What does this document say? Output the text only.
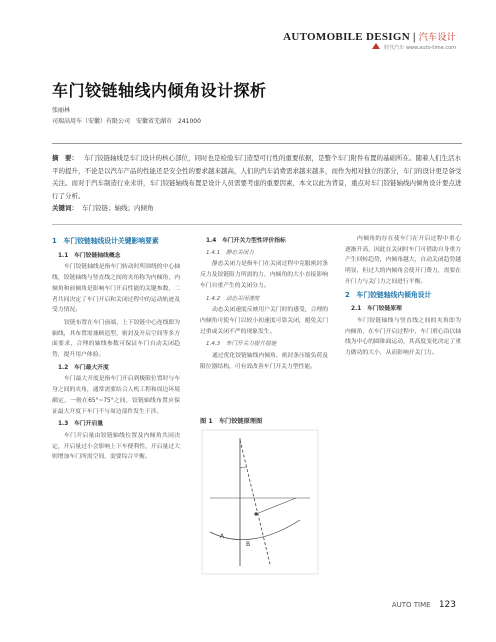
AUTOMOBILE DESIGN | 汽车设计
时代汽车 www.auto-time.com
车门铰链轴线内倾角设计探析
张丽林
司瑞高用车（安徽）有限公司　安徽省芜湖市　241000
摘　要： 车门铰链轴线是车门设计的核心部位，同时也是检验车门造型可行性的重要依据，是整个车门附件布置的基础所在。随着人们生活水平的提升，不论是以汽车产品的性能还是安全性的要求越来越高，人们的汽车消费需求越来越多，而作为相对独立的部分，车门的设计更是备受关注。而对于汽车制造行业来讲，车门铰链轴线布置是设计人员需要考虑的重要因素，本文以此为背景，重点对车门铰链轴线内倾角设计要点进行了分析。
关键词： 车门铰链；轴线；内倾角
1　车门铰链轴线设计关键影响要素
1.1　车门铰链轴线概念

车门铰链轴线是指车门转动时所围绕的中心轴线，铰链轴线与竖直线之间的夹角称为内倾角，内倾角和前倾角是影响车门开启性能的关键参数，二者共同决定了车门开启和关闭过程中的运动轨迹及受力情况。

铰链布置在车门前端，上下铰链中心连线即为轴线，其布置需兼顾造型、密封及开启空间等多方面要求，合理的轴线参数可保证车门自动关闭趋势，提升用户体验。

1.2　车门最大开度

车门最大开度是指车门开启到极限位置时与车身之间的夹角，通常需要结合人机工程和周边环境确定，一般在65°~75°之间，铰链轴线布置应保证最大开度下车门不与周边部件发生干涉。

1.3　车门开启量

车门开启量由铰链轴线位置及内倾角共同决定，开启量过小会影响上下车便利性，开启量过大则增加车门所需空间，需要综合平衡。

1.4　车门开关力型性评价指标
1.4.1　静态关闭力

静态关闭力是指车门在关闭过程中克服密封条反力及铰链阻力所需的力，内倾角的大小直接影响车门自重产生的关闭分力。

1.4.2　动态关闭速度

动态关闭速度反映用户关门时的感受，合理的内倾角可使车门以较小初速度可靠关闭，避免关门过重或关闭不严的现象发生。

1.4.3　车门开关力提升措施

通过优化铰链轴线内倾角、密封条压缩负荷及限位器结构，可有效改善车门开关力型性能。

图 1　车门铰链原理图
A
B

内倾角的存在使车门在开启过程中重心逐渐升高，因此在关闭时车门可借助自身重力产生回转趋势，内倾角越大，自动关闭趋势越明显，但过大的内倾角会使开门费力，需要在开门力与关门力之间进行平衡。

2　车门铰链轴线内倾角设计
2.1　车门铰链原理

车门铰链轴线与竖直线之间的夹角即为内倾角，在车门开启过程中，车门重心沿以轴线为中心的圆锥面运动，其高度变化决定了重力做功的大小，从而影响开关门力。

AUTO TIME 123
